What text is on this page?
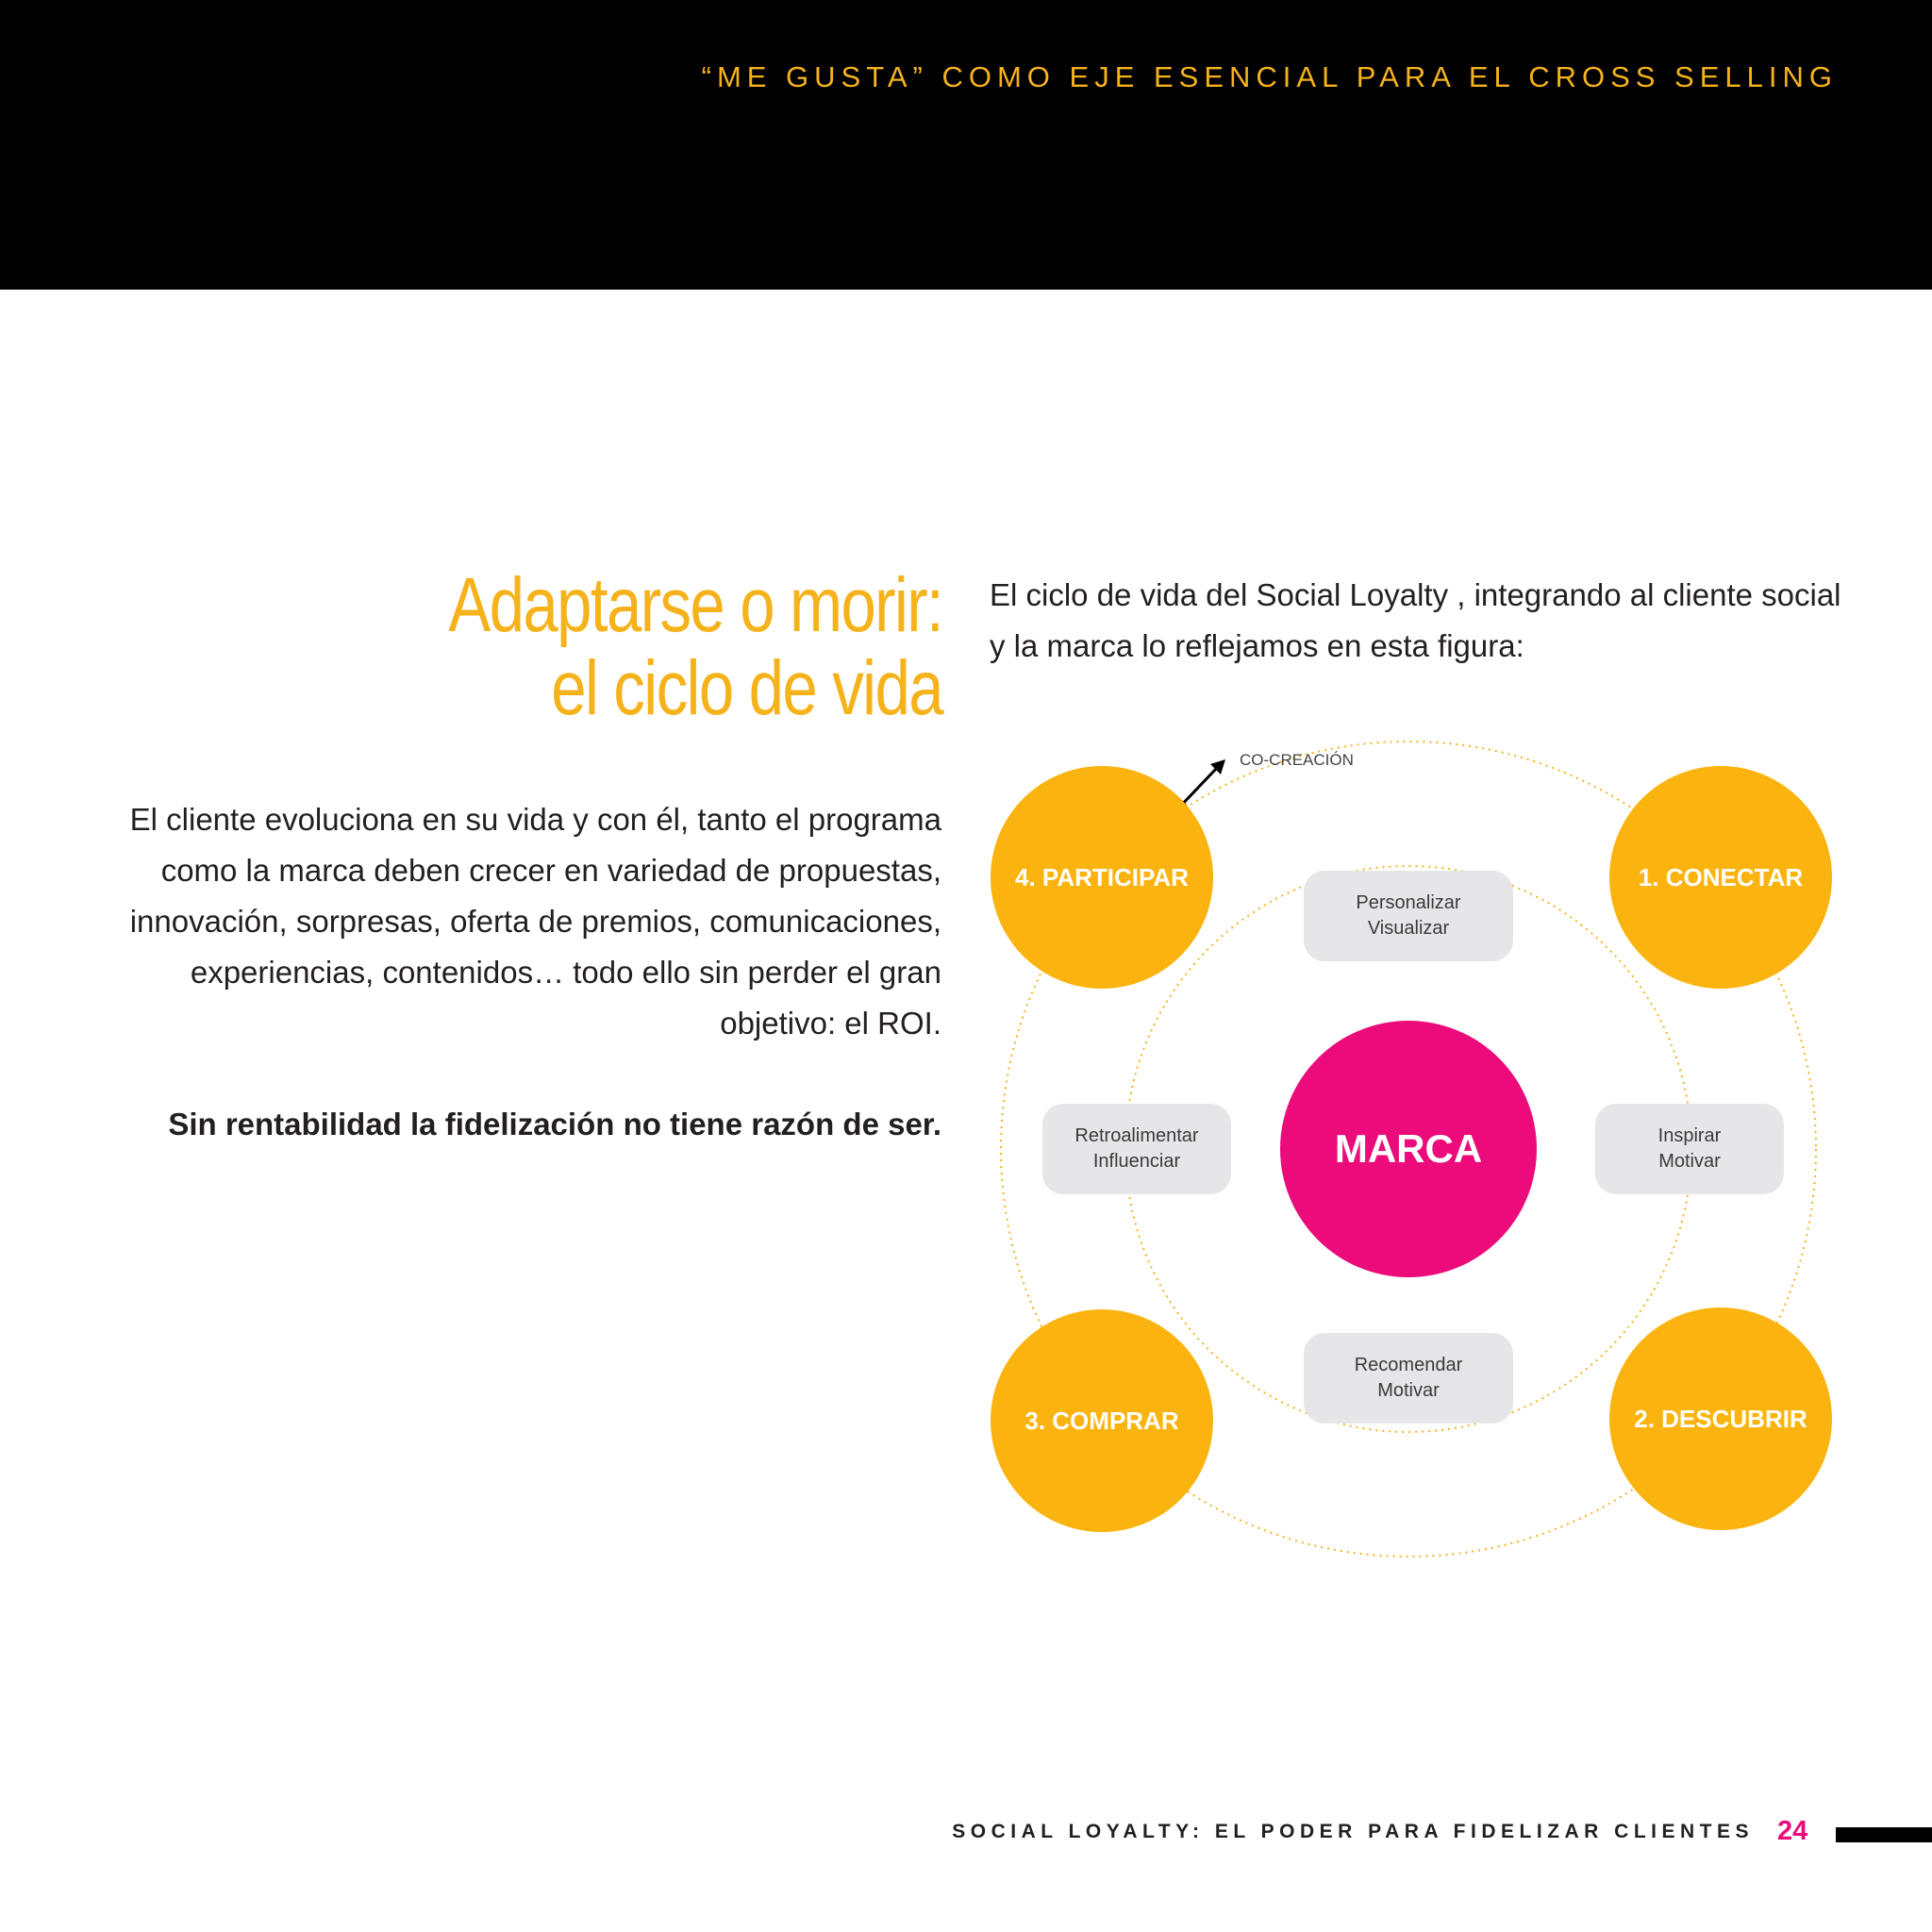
“ME GUSTA” COMO EJE ESENCIAL PARA EL CROSS SELLING
Adaptarse o morir:
el ciclo de vida
El cliente evoluciona en su vida y con él, tanto el programa como la marca deben crecer en variedad de propuestas, innovación, sorpresas, oferta de premios, comunicaciones, experiencias, contenidos… todo ello sin perder el gran objetivo: el ROI.
Sin rentabilidad la fidelización no tiene razón de ser.
El ciclo de vida del Social Loyalty , integrando al cliente social y la marca lo reflejamos en esta figura:
CO-CREACIÓN
4. PARTICIPAR	1. CONECTAR
3. COMPRAR	2. DESCUBRIR
Personalizar
Visualizar
Retroalimentar
Influenciar
Inspirar
Motivar
Recomendar
Motivar
MARCA
SOCIAL LOYALTY: EL PODER PARA FIDELIZAR CLIENTES 24
